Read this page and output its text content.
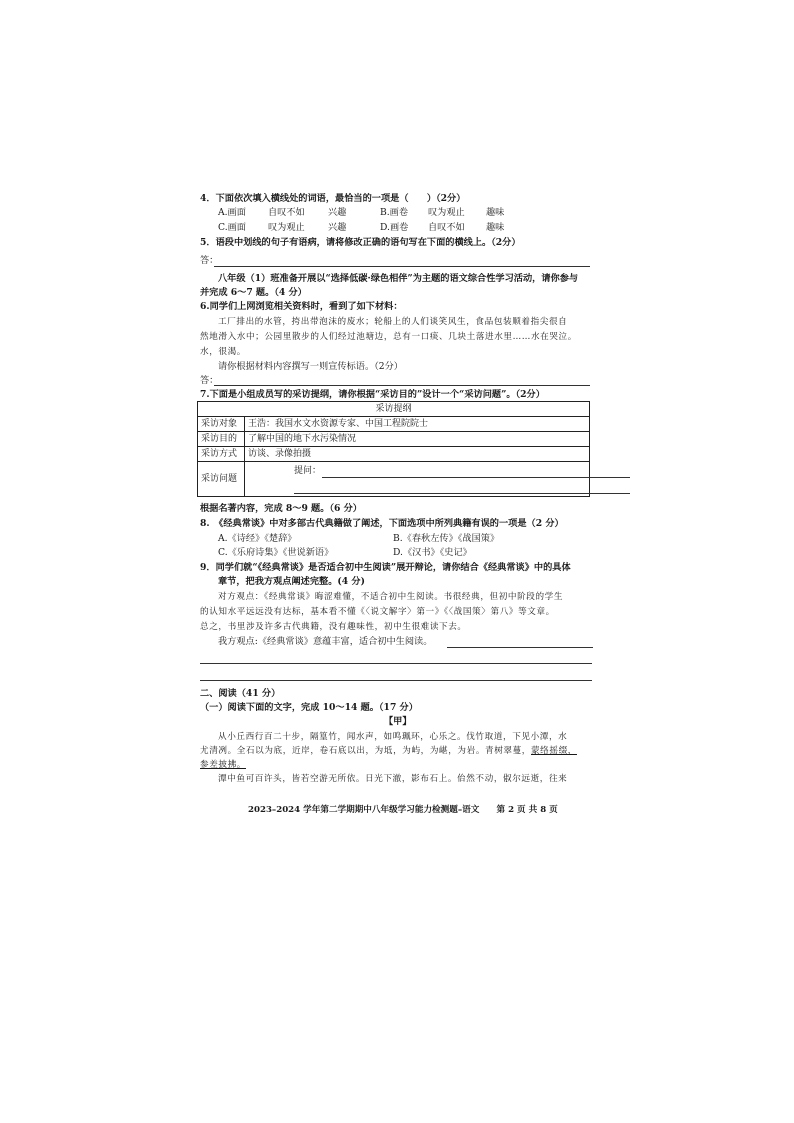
4．下面依次填入横线处的词语，最恰当的一项是（　　）（2分）
A.画面 自叹不如	兴趣	B.画卷 叹为观止 趣味
C.画面 叹为观止	兴趣	D.画卷 自叹不如 趣味
5．语段中划线的句子有语病，请将修改正确的语句写在下面的横线上。（2分）
答：
八年级（1）班准备开展以“选择低碳·绿色相伴”为主题的语文综合性学习活动，请你参与
并完成 6～7 题。（4 分）
6.同学们上网浏览相关资料时，看到了如下材料：
工厂排出的水管，挎出带泡沫的废水；轮船上的人们谈笑风生，食品包装顺着指尖很自
然地滑入水中；公园里散步的人们经过池塘边，总有一口痰、几块土落进水里……水在哭泣。
水，很渴。
请你根据材料内容撰写一则宣传标语。（2分）
答：
7.下面是小组成员写的采访提纲，请你根据“采访目的”设计一个“采访问题”。（2分）
采访提纲	
采访对象	王浩：我国水文水资源专家、中国工程院院士
采访目的	了解中国的地下水污染情况
采访方式	访谈、录像拍摄
采访问题	提问：
根据名著内容，完成 8～9 题。（6 分）
8.　《经典常谈》中对多部古代典籍做了阐述，下面选项中所列典籍有误的一项是（2 分）
A.《诗经》《楚辞》	B.《春秋左传》《战国策》
C.《乐府诗集》《世说新语》	D.《汉书》《史记》
9．同学们就“《经典常谈》是否适合初中生阅读”展开辩论，请你结合《经典常谈》中的具体
章节，把我方观点阐述完整。(4 分)
对方观点：《经典常谈》晦涩难懂，不适合初中生阅读。书很经典，但初中阶段的学生
的认知水平远远没有达标，基本看不懂《〈说文解字〉第一》《〈战国策〉第八》等文章。
总之，书里涉及许多古代典籍，没有趣味性，初中生很难读下去。
我方观点:《经典常谈》意蕴丰富，适合初中生阅读。
二、阅读（41 分）
（一）阅读下面的文字，完成 10～14 题。（17 分）
【甲】
从小丘西行百二十步，隔篁竹，闻水声，如鸣珮环，心乐之。伐竹取道，下见小潭，水
尤清冽。全石以为底，近岸，卷石底以出，为坻，为屿，为嵁，为岩。青树翠蔓，蒙络摇缀，
参差披拂。
潭中鱼可百许头，皆若空游无所依。日光下澈，影布石上。佁然不动，俶尔远逝，往来
2023–2024 学年第二学期期中八年级学习能力检测题–语文　　第 2 页 共 8 页
